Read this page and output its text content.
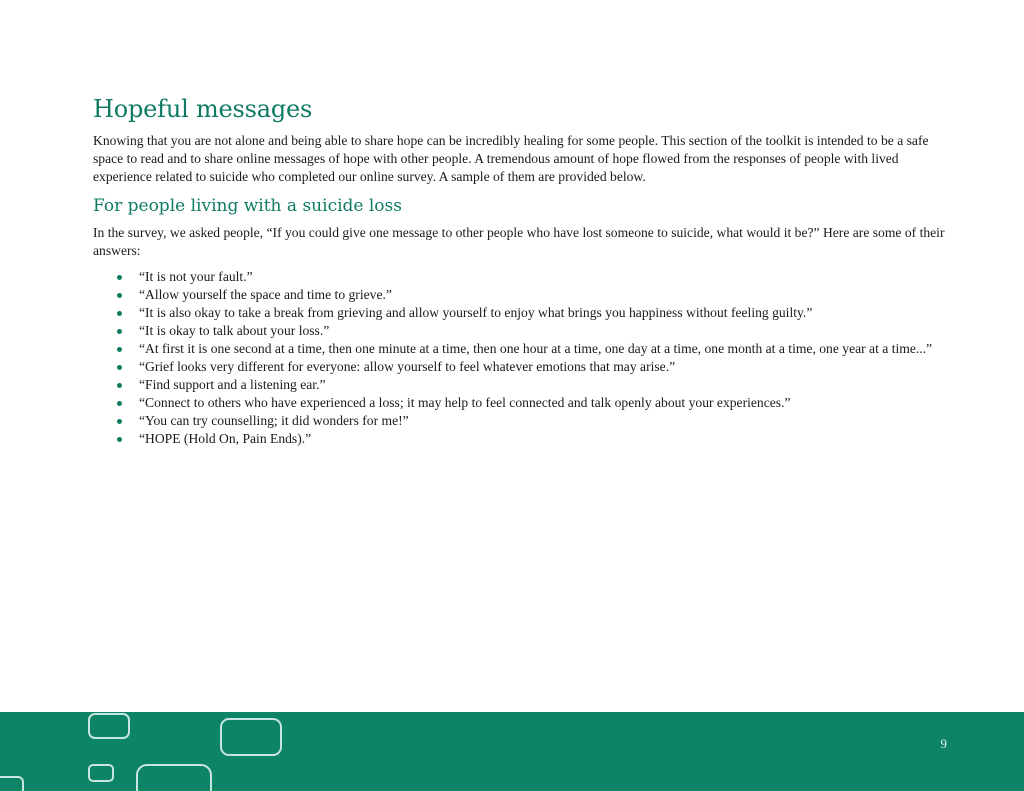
Hopeful messages

Knowing that you are not alone and being able to share hope can be incredibly healing for some people. This section of the toolkit is intended to be a safe space to read and to share online messages of hope with other people. A tremendous amount of hope flowed from the responses of people with lived experience related to suicide who completed our online survey. A sample of them are provided below.

For people living with a suicide loss

In the survey, we asked people, “If you could give one message to other people who have lost someone to suicide, what would it be?” Here are some of their answers:

“It is not your fault.”
“Allow yourself the space and time to grieve.”
“It is also okay to take a break from grieving and allow yourself to enjoy what brings you happiness without feeling guilty.”
“It is okay to talk about your loss.”
“At first it is one second at a time, then one minute at a time, then one hour at a time, one day at a time, one month at a time, one year at a time...”
“Grief looks very different for everyone: allow yourself to feel whatever emotions that may arise.”
“Find support and a listening ear.”
“Connect to others who have experienced a loss; it may help to feel connected and talk openly about your experiences.”
“You can try counselling; it did wonders for me!”
“HOPE (Hold On, Pain Ends).”
9
